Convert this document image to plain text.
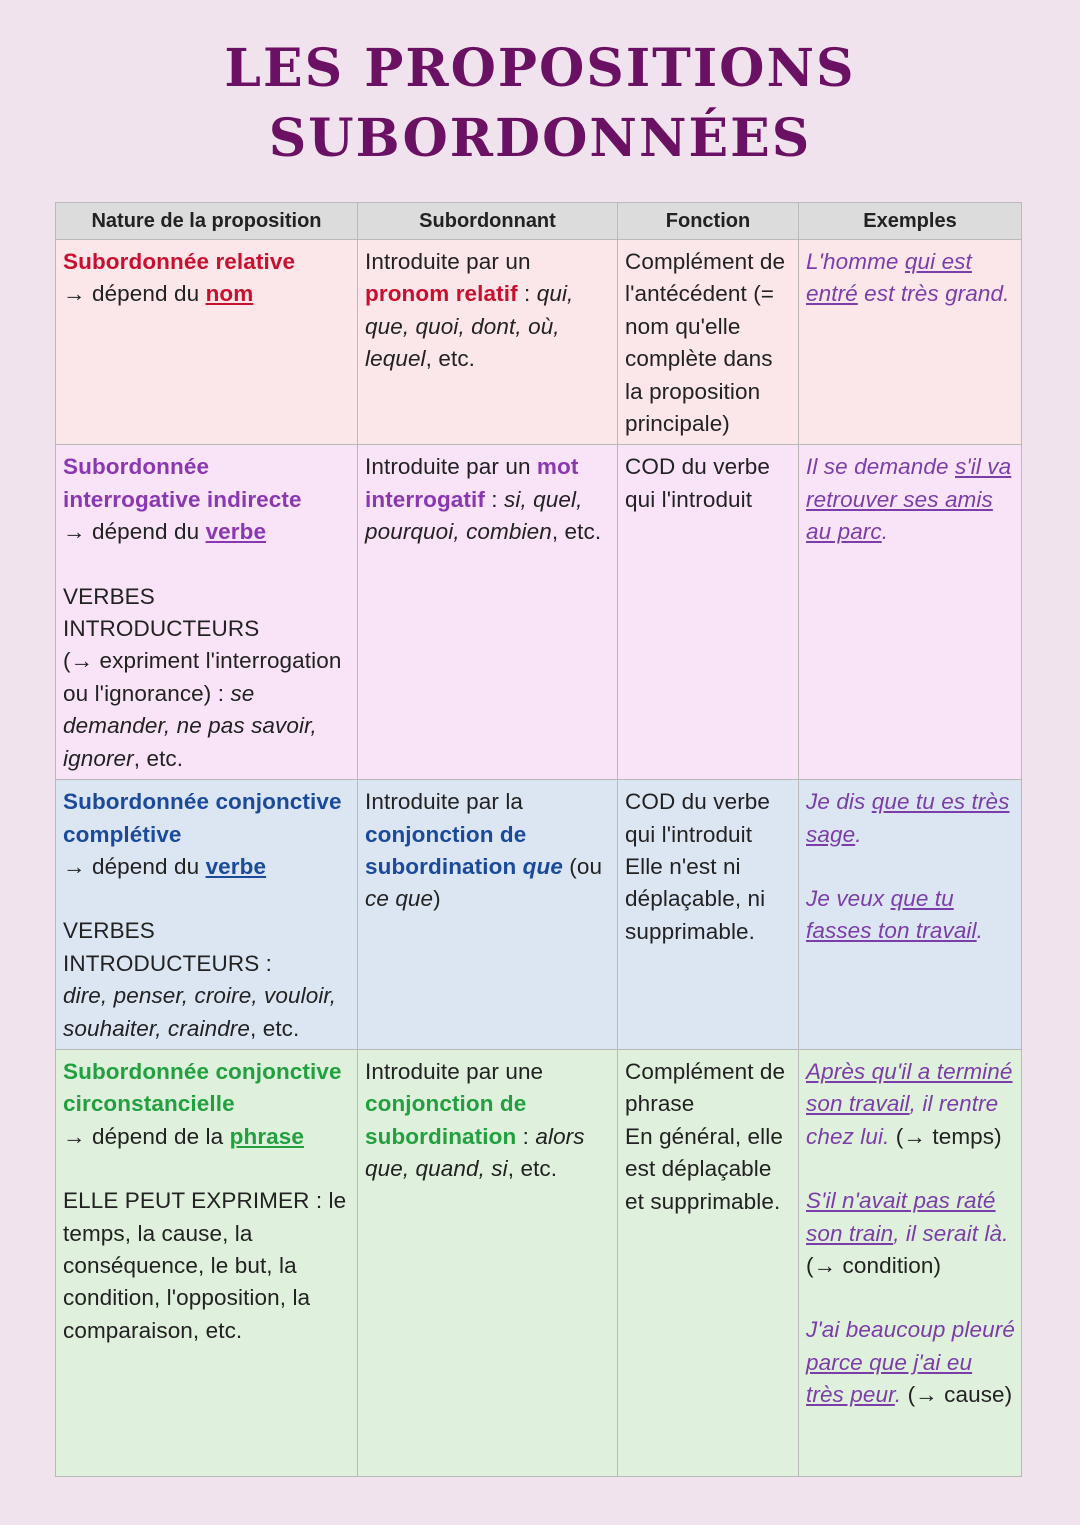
LES PROPOSITIONS
SUBORDONNÉES
Nature de la proposition	Subordonnant	Fonction	Exemples

Subordonnée relative
→ dépend du nom	Introduite par un pronom relatif : qui, que, quoi, dont, où, lequel, etc.	Complément de l'antécédent (= nom qu'elle complète dans la proposition principale)	L'homme qui est entré est très grand.

Subordonnée interrogative indirecte
→ dépend du verbe
VERBES INTRODUCTEURS
(→ expriment l'interrogation ou l'ignorance) : se demander, ne pas savoir, ignorer, etc.	Introduite par un mot interrogatif : si, quel, pourquoi, combien, etc.	COD du verbe qui l'introduit	Il se demande s'il va retrouver ses amis au parc.

Subordonnée conjonctive complétive
→ dépend du verbe
VERBES INTRODUCTEURS :
dire, penser, croire, vouloir, souhaiter, craindre, etc.	Introduite par la conjonction de subordination que (ou ce que)	COD du verbe qui l'introduit
Elle n'est ni déplaçable, ni supprimable.	Je dis que tu es très sage.
Je veux que tu fasses ton travail.

Subordonnée conjonctive circonstancielle
→ dépend de la phrase
ELLE PEUT EXPRIMER : le temps, la cause, la conséquence, le but, la condition, l'opposition, la comparaison, etc.	Introduite par une conjonction de subordination : alors que, quand, si, etc.	Complément de phrase
En général, elle est déplaçable et supprimable.	Après qu'il a terminé son travail, il rentre chez lui. (→ temps)
S'il n'avait pas raté son train, il serait là. (→ condition)
J'ai beaucoup pleuré parce que j'ai eu très peur. (→ cause)
